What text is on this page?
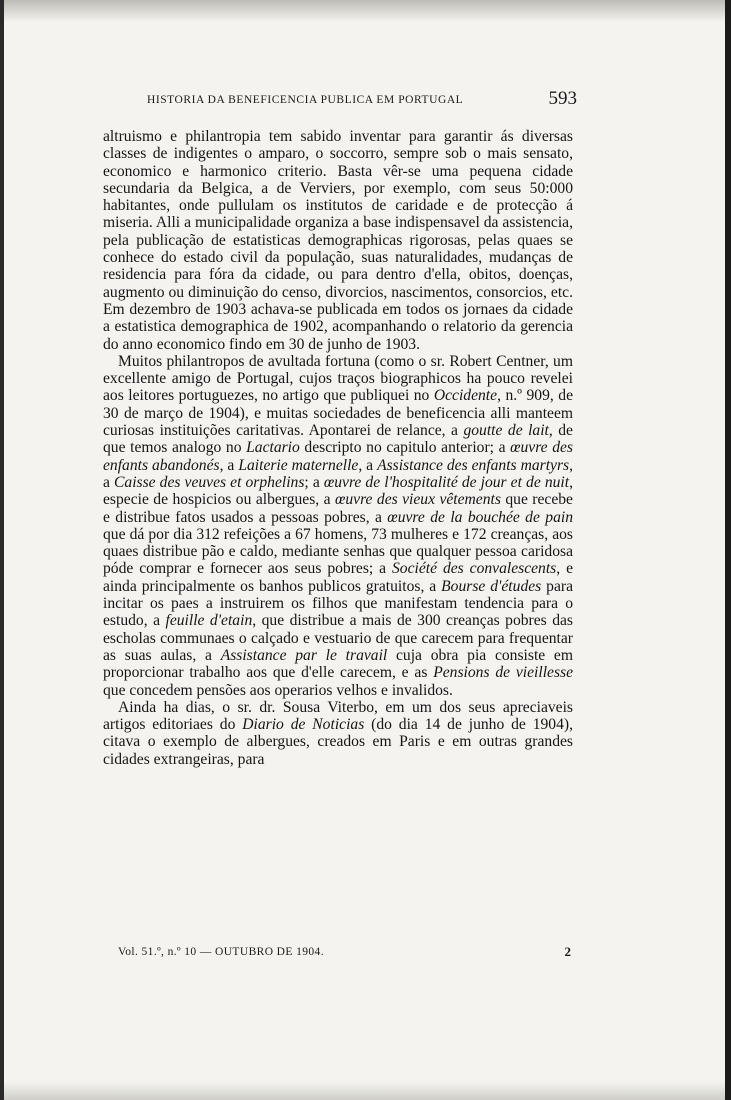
HISTORIA DA BENEFICENCIA PUBLICA EM PORTUGAL	593

altruismo e philantropia tem sabido inventar para garantir ás diversas classes de indigentes o amparo, o soccorro, sempre sob o mais sensato, economico e harmonico criterio. Basta vêr-se uma pequena cidade secundaria da Belgica, a de Verviers, por exemplo, com seus 50:000 habitantes, onde pullulam os institutos de caridade e de protecção á miseria. Alli a municipalidade organiza a base indispensavel da assistencia, pela publicação de estatisticas demographicas rigorosas, pelas quaes se conhece do estado civil da população, suas naturalidades, mudanças de residencia para fóra da cidade, ou para dentro d'ella, obitos, doenças, augmento ou diminuição do censo, divorcios, nascimentos, consorcios, etc. Em dezembro de 1903 achava-se publicada em todos os jornaes da cidade a estatistica demographica de 1902, acompanhando o relatorio da gerencia do anno economico findo em 30 de junho de 1903.

Muitos philantropos de avultada fortuna (como o sr. Robert Centner, um excellente amigo de Portugal, cujos traços biographicos ha pouco revelei aos leitores portuguezes, no artigo que publiquei no Occidente, n.º 909, de 30 de março de 1904), e muitas sociedades de beneficencia alli manteem curiosas instituições caritativas. Apontarei de relance, a goutte de lait, de que temos analogo no Lactario descripto no capitulo anterior; a œuvre des enfants abandonés, a Laiterie maternelle, a Assistance des enfants martyrs, a Caisse des veuves et orphelins; a œuvre de l'hospitalité de jour et de nuit, especie de hospicios ou albergues, a œuvre des vieux vêtements que recebe e distribue fatos usados a pessoas pobres, a œuvre de la bouchée de pain que dá por dia 312 refeições a 67 homens, 73 mulheres e 172 creanças, aos quaes distribue pão e caldo, mediante senhas que qualquer pessoa caridosa póde comprar e fornecer aos seus pobres; a Société des convalescents, e ainda principalmente os banhos publicos gratuitos, a Bourse d'études para incitar os paes a instruirem os filhos que manifestam tendencia para o estudo, a feuille d'etain, que distribue a mais de 300 creanças pobres das escholas communaes o calçado e vestuario de que carecem para frequentar as suas aulas, a Assistance par le travail cuja obra pia consiste em proporcionar trabalho aos que d'elle carecem, e as Pensions de vieillesse que concedem pensões aos operarios velhos e invalidos.

Ainda ha dias, o sr. dr. Sousa Viterbo, em um dos seus apreciaveis artigos editoriaes do Diario de Noticias (do dia 14 de junho de 1904), citava o exemplo de albergues, creados em Paris e em outras grandes cidades extrangeiras, para

Vol. 51.º, n.º 10 — OUTUBRO DE 1904.	2
